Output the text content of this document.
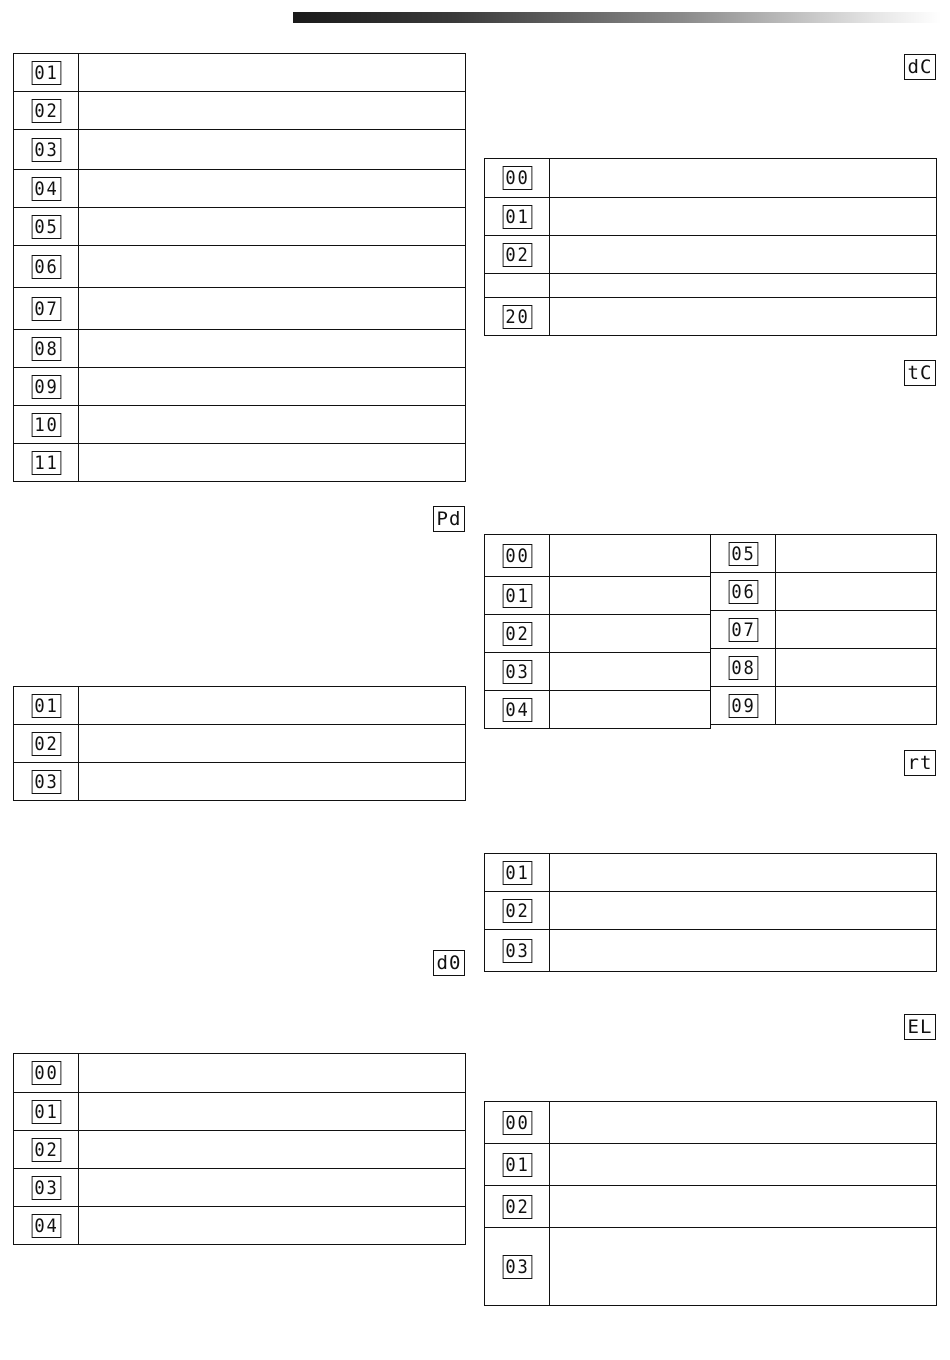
01	
02	
03	
04	
05	
06	
07	
08	
09	
10	
11	
Pd
01	
02	
03	
d0
00	
01	
02	
03	
04	
dC
00	
01	
02	

20	
tC
00	
01	
02	
03	
04	
05	
06	
07	
08	
09	
rt
01	
02	
03	
EL
00	
01	
02	
03	
